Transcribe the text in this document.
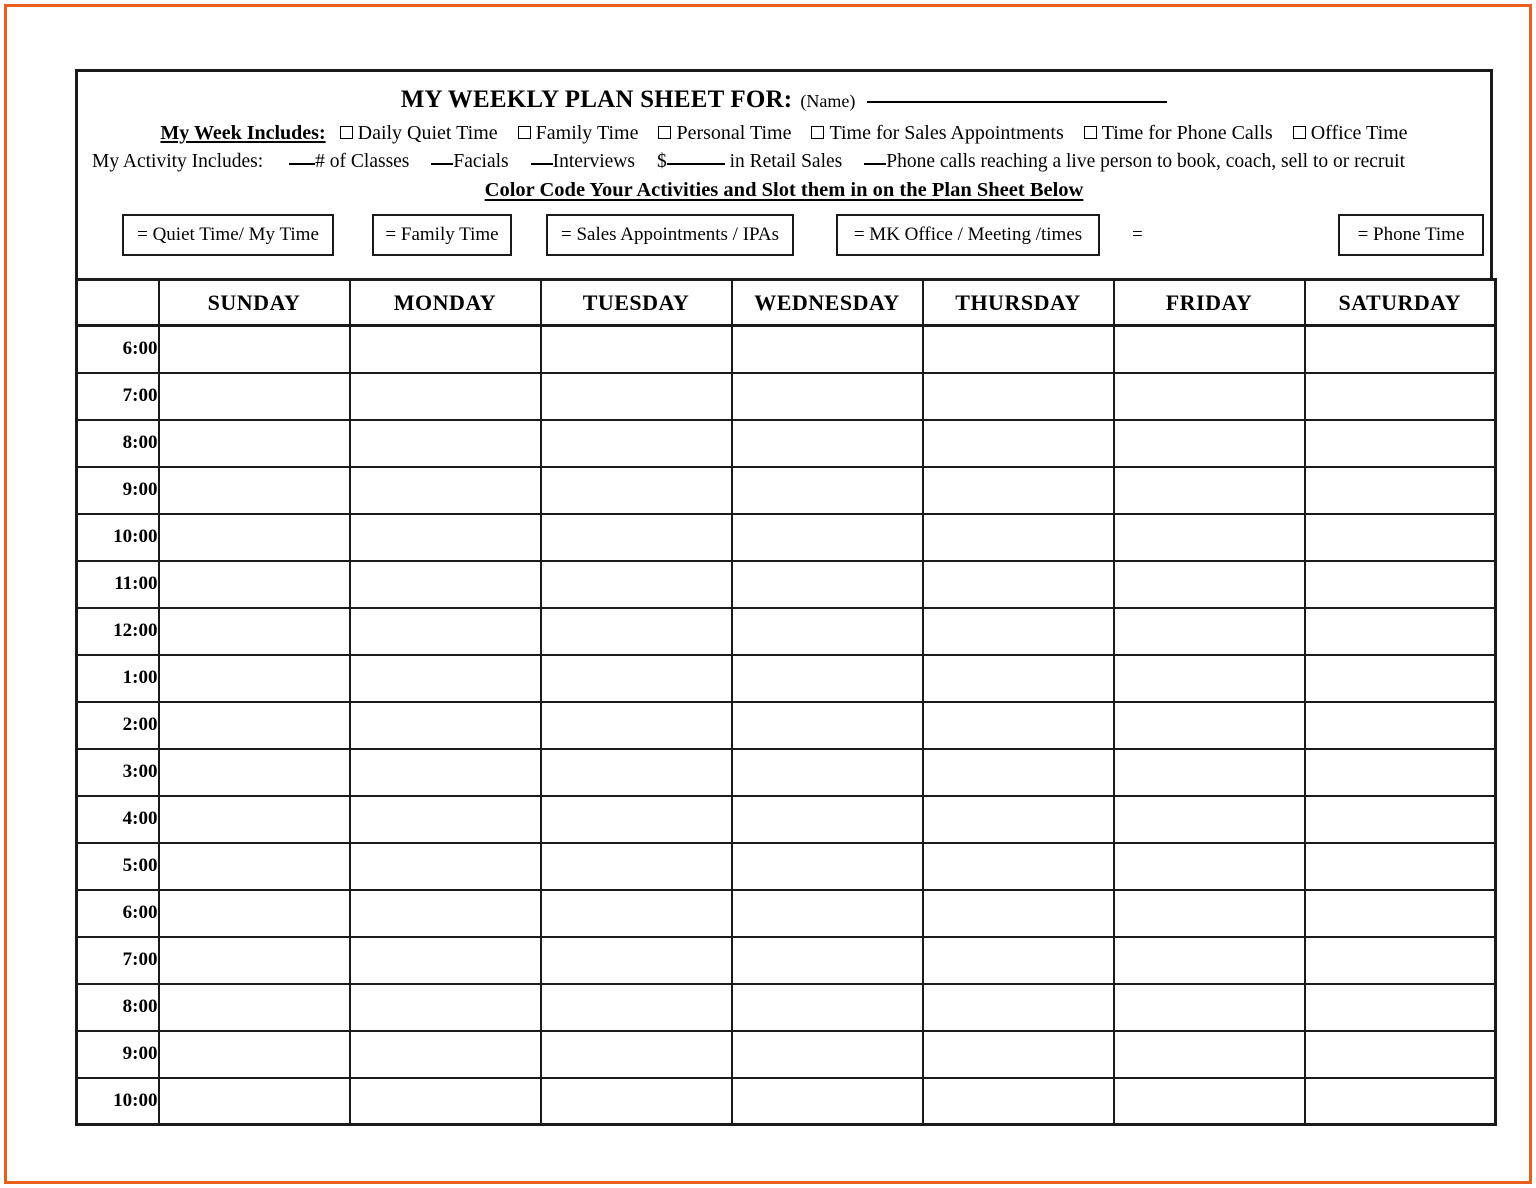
MY WEEKLY PLAN SHEET FOR: (Name)
My Week Includes: Daily Quiet Time Family Time Personal Time Time for Sales Appointments Time for Phone Calls Office Time
My Activity Includes:	# of Classes Facials Interviews $	in Retail Sales Phone calls reaching a live person to book, coach, sell to or recruit
Color Code Your Activities and Slot them in on the Plan Sheet Below
= Quiet Time/ My Time	= Family Time	= Sales Appointments / IPAs	= MK Office / Meeting /times	=	= Phone Time
	SUNDAY	MONDAY	TUESDAY	WEDNESDAY	THURSDAY	FRIDAY	SATURDAY
6:00							
7:00							
8:00							
9:00							
10:00							
11:00							
12:00							
1:00							
2:00							
3:00							
4:00							
5:00							
6:00							
7:00							
8:00							
9:00							
10:00							
